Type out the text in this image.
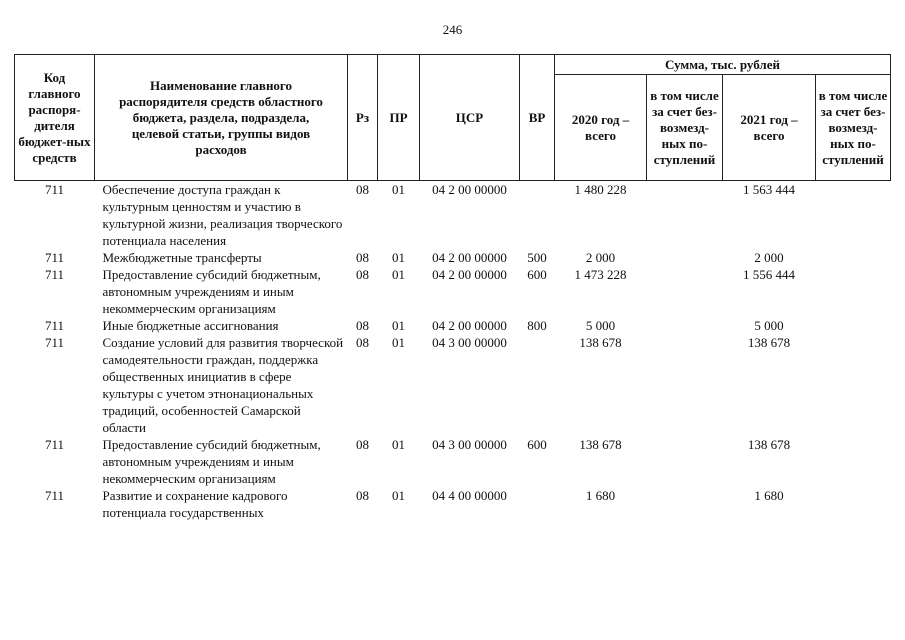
246
Код главного распоря-дителя бюджет-ных средств	Наименование главного распорядителя средств областного бюджета, раздела, подраздела, целевой статьи, группы видов расходов	Рз	ПР	ЦСР	ВР	Сумма, тыс. рублей			
						2020 год – всего	в том числе за счет без-возмезд-ных по-ступлений	2021 год – всего	в том числе за счет без-возмезд-ных по-ступлений
711	Обеспечение доступа граждан к культурным ценностям и участию в культурной жизни, реализация творческого потенциала населения	08	01	04 2 00 00000		1 480 228		1 563 444	
711	Межбюджетные трансферты	08	01	04 2 00 00000	500	2 000		2 000	
711	Предоставление субсидий бюджетным, автономным учреждениям и иным некоммерческим организациям	08	01	04 2 00 00000	600	1 473 228		1 556 444	
711	Иные бюджетные ассигнования	08	01	04 2 00 00000	800	5 000		5 000	
711	Создание условий для развития творческой самодеятельности граждан, поддержка общественных инициатив в сфере культуры с учетом этнонациональных традиций, особенностей Самарской области	08	01	04 3 00 00000		138 678		138 678	
711	Предоставление субсидий бюджетным, автономным учреждениям и иным некоммерческим организациям	08	01	04 3 00 00000	600	138 678		138 678	
711	Развитие и сохранение кадрового потенциала государственных	08	01	04 4 00 00000		1 680		1 680	
